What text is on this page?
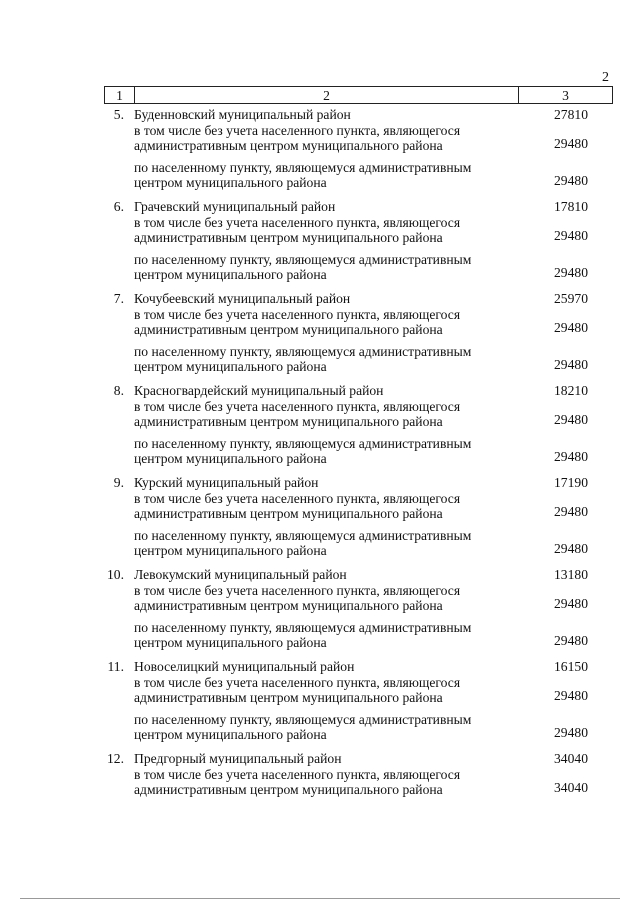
2
1	2	3
5. Буденновский муниципальный район	27810
в том числе без учета населенного пункта, являющегося административным центром муниципального района	29480
по населенному пункту, являющемуся административным центром муниципального района	29480
6. Грачевский муниципальный район	17810
в том числе без учета населенного пункта, являющегося административным центром муниципального района	29480
по населенному пункту, являющемуся административным центром муниципального района	29480
7. Кочубеевский муниципальный район	25970
в том числе без учета населенного пункта, являющегося административным центром муниципального района	29480
по населенному пункту, являющемуся административным центром муниципального района	29480
8. Красногвардейский муниципальный район	18210
в том числе без учета населенного пункта, являющегося административным центром муниципального района	29480
по населенному пункту, являющемуся административным центром муниципального района	29480
9. Курский муниципальный район	17190
в том числе без учета населенного пункта, являющегося административным центром муниципального района	29480
по населенному пункту, являющемуся административным центром муниципального района	29480
10. Левокумский муниципальный район	13180
в том числе без учета населенного пункта, являющегося административным центром муниципального района	29480
по населенному пункту, являющемуся административным центром муниципального района	29480
11. Новоселицкий муниципальный район	16150
в том числе без учета населенного пункта, являющегося административным центром муниципального района	29480
по населенному пункту, являющемуся административным центром муниципального района	29480
12. Предгорный муниципальный район	34040
в том числе без учета населенного пункта, являющегося административным центром муниципального района	34040
